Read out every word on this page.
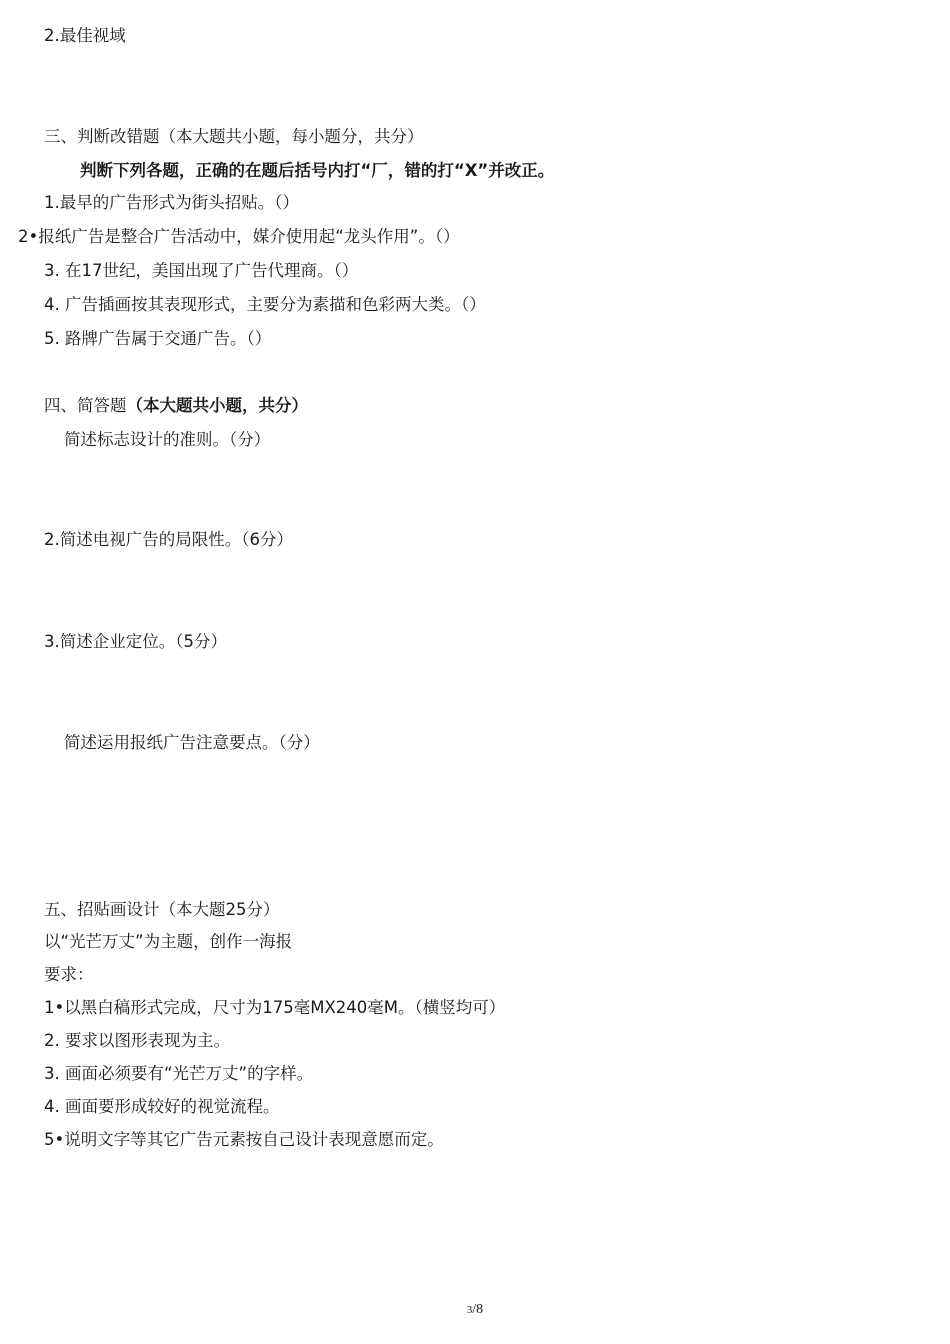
2.最佳视域
三、判断改错题（本大题共小题，每小题分，共分）
判断下列各题，正确的在题后括号内打“厂，错的打“X”并改正。
1.最早的广告形式为街头招贴。（）
2•报纸广告是整合广告活动中，媒介使用起“龙头作用”。（）
3. 在17世纪，美国出现了广告代理商。（）
4. 广告插画按其表现形式，主要分为素描和色彩两大类。（）
5. 路牌广告属于交通广告。（）
四、简答题（本大题共小题，共分）
简述标志设计的准则。（分）
2.简述电视广告的局限性。（6分）
3.简述企业定位。（5分）
简述运用报纸广告注意要点。（分）
五、招贴画设计（本大题25分）
以“光芒万丈”为主题，创作一海报
要求：
1•以黑白稿形式完成，尺寸为175毫MX240毫M。（横竖均可）
2. 要求以图形表现为主。
3. 画面必须要有“光芒万丈”的字样。
4. 画面要形成较好的视觉流程。
5•说明文字等其它广告元素按自己设计表现意愿而定。
3/8
